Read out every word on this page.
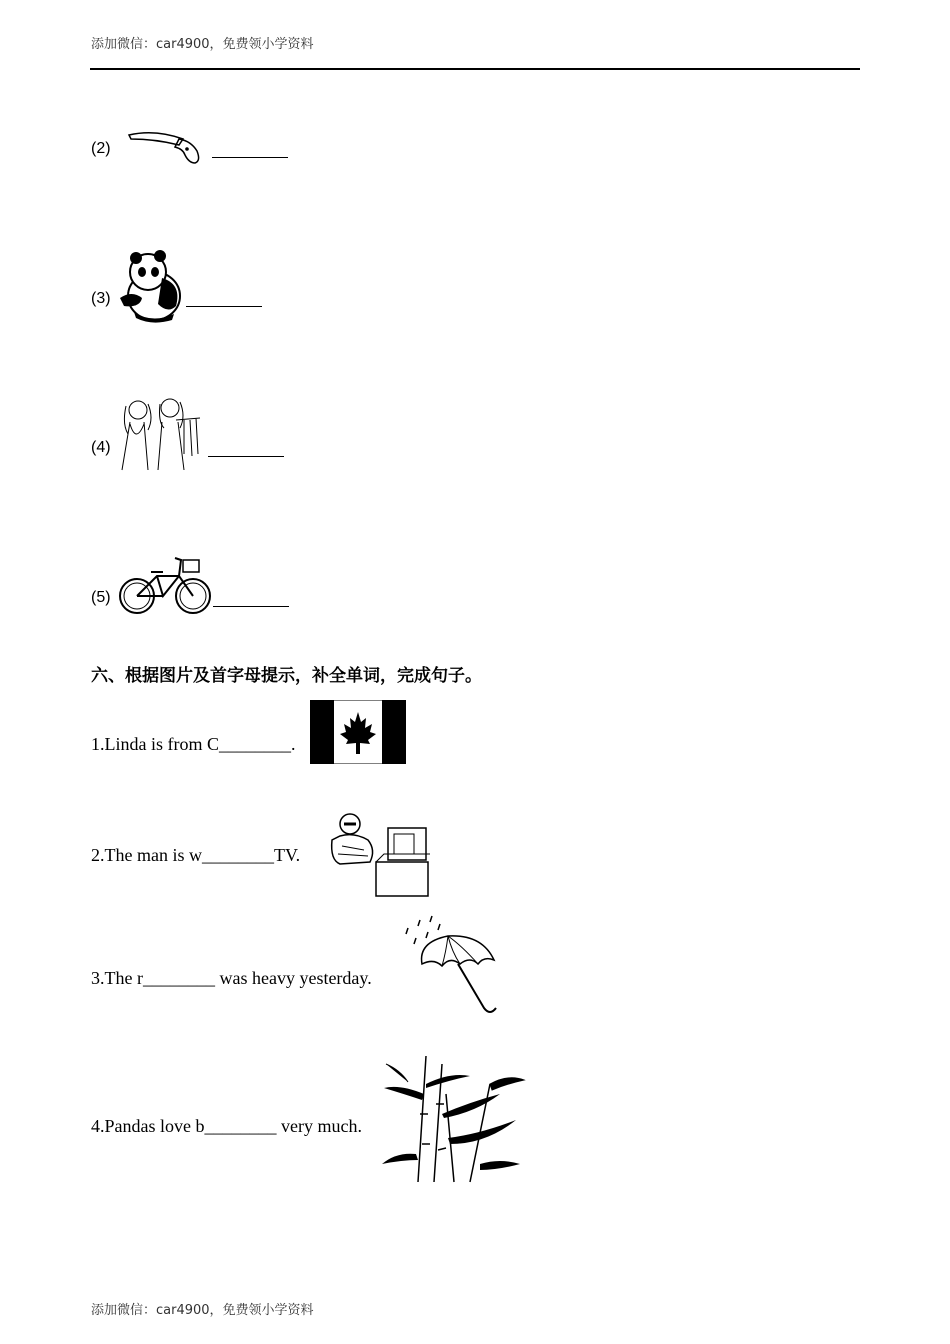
添加微信：car4900，免费领小学资料
(2)
(3)
(4)
(5)
六、根据图片及首字母提示，补全单词，完成句子。
1.Linda is from C________.
2.The man is w________TV.
3.The r________ was heavy yesterday.
4.Pandas love b________ very much.
添加微信：car4900，免费领小学资料
